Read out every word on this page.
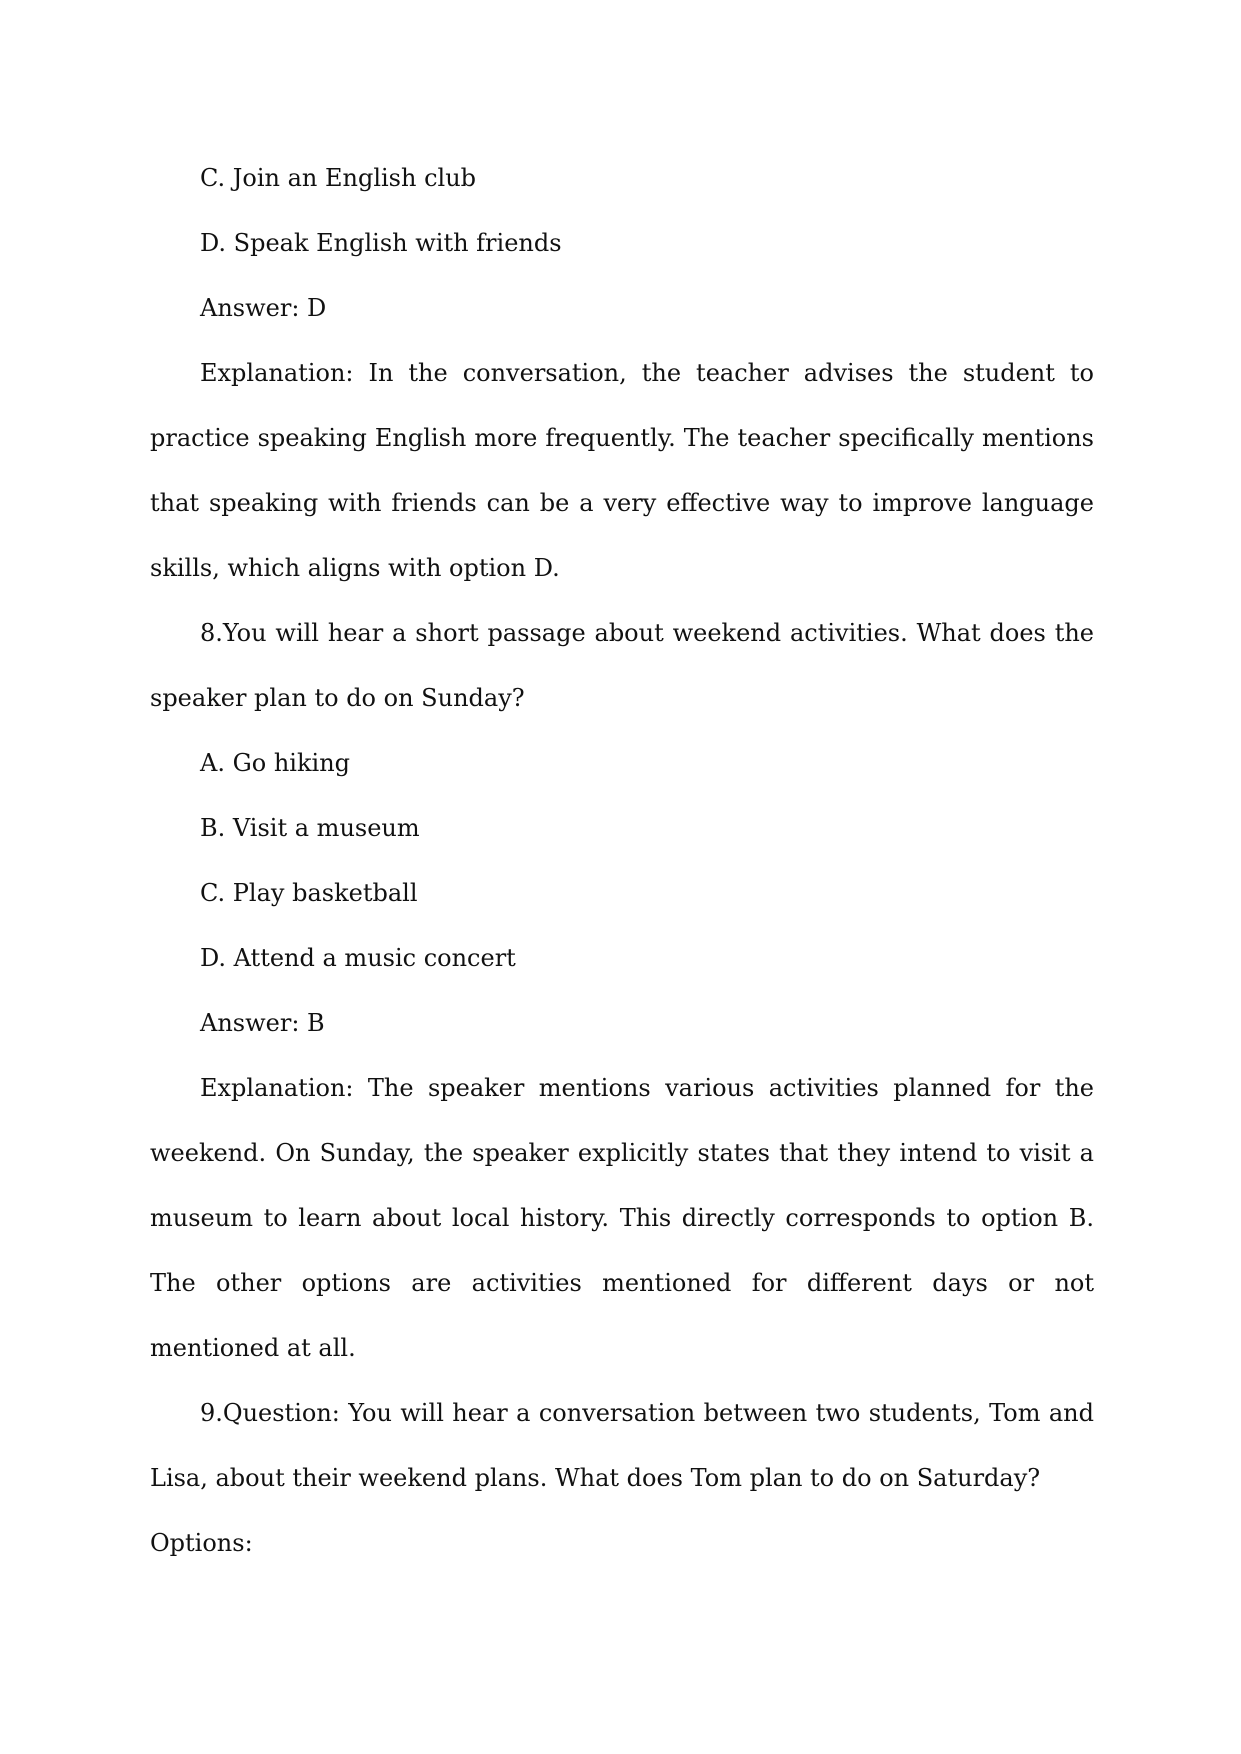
C. Join an English club

D. Speak English with friends

Answer: D

Explanation: In the conversation, the teacher advises the student to practice speaking English more frequently. The teacher specifically mentions that speaking with friends can be a very effective way to improve language skills, which aligns with option D.

8.You will hear a short passage about weekend activities. What does the speaker plan to do on Sunday?

A. Go hiking

B. Visit a museum

C. Play basketball

D. Attend a music concert

Answer: B

Explanation: The speaker mentions various activities planned for the weekend. On Sunday, the speaker explicitly states that they intend to visit a museum to learn about local history. This directly corresponds to option B. The other options are activities mentioned for different days or not mentioned at all.

9.Question: You will hear a conversation between two students, Tom and Lisa, about their weekend plans. What does Tom plan to do on Saturday?

Options:
